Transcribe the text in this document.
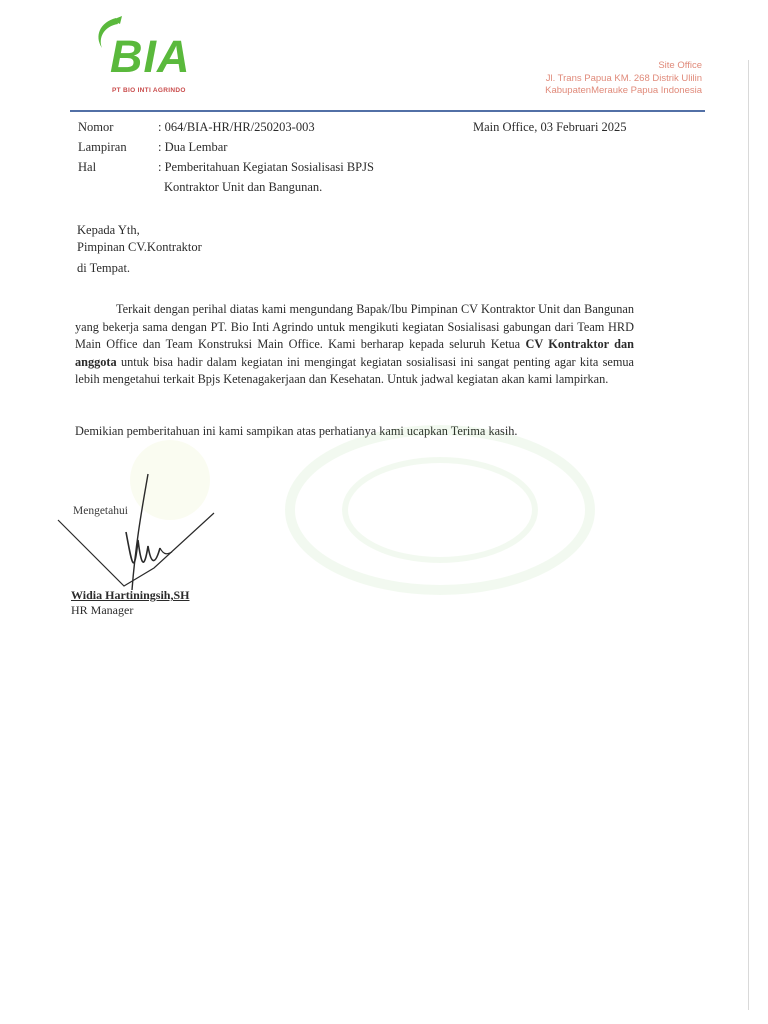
BIA
PT BIO INTI AGRINDO
Site Office
Jl. Trans Papua KM. 268 Distrik Ulilin
KabupatenMerauke Papua Indonesia
Nomor	: 064/BIA-HR/HR/250203-003
Lampiran	: Dua Lembar
Hal	: Pemberitahuan Kegiatan Sosialisasi BPJS
Kontraktor Unit dan Bangunan.
Main Office, 03 Februari 2025
Kepada Yth,
Pimpinan CV.Kontraktor
di Tempat.

Terkait dengan perihal diatas kami mengundang Bapak/Ibu Pimpinan CV Kontraktor Unit dan Bangunan yang bekerja sama dengan PT. Bio Inti Agrindo untuk mengikuti kegiatan Sosialisasi gabungan dari Team HRD Main Office dan Team Konstruksi Main Office. Kami berharap kepada seluruh Ketua CV Kontraktor dan anggota untuk bisa hadir dalam kegiatan ini mengingat kegiatan sosialisasi ini sangat penting agar kita semua lebih mengetahui terkait Bpjs Ketenagakerjaan dan Kesehatan. Untuk jadwal kegiatan akan kami lampirkan.

Demikian pemberitahuan ini kami sampikan atas perhatianya kami ucapkan Terima kasih.
Mengetahui
Widia Hartiningsih,SH
HR Manager
